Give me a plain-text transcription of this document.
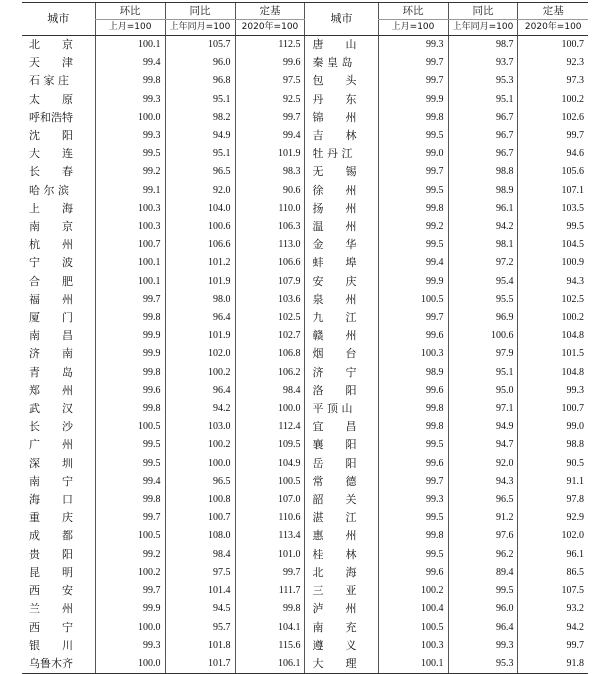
城市	环比	同比	定基	城市	环比	同比	定基
	上月=100	上年同月=100	2020年=100		上月=100	上年同月=100	2020年=100
北　　京	100.1	105.7	112.5	唐　　山	99.3	98.7	100.7
天　　津	99.4	96.0	99.6	秦 皇 岛	99.7	93.7	92.3
石 家 庄	99.8	96.8	97.5	包　　头	99.7	95.3	97.3
太　　原	99.3	95.1	92.5	丹　　东	99.9	95.1	100.2
呼和浩特	100.0	98.2	99.7	锦　　州	99.8	96.7	102.6
沈　　阳	99.3	94.9	99.4	吉　　林	99.5	96.7	99.7
大　　连	99.5	95.1	101.9	牡 丹 江	99.0	96.7	94.6
长　　春	99.2	96.5	98.3	无　　锡	99.7	98.8	105.6
哈 尔 滨	99.1	92.0	90.6	徐　　州	99.5	98.9	107.1
上　　海	100.3	104.0	110.0	扬　　州	99.8	96.1	103.5
南　　京	100.3	100.6	106.3	温　　州	99.2	94.2	99.5
杭　　州	100.7	106.6	113.0	金　　华	99.5	98.1	104.5
宁　　波	100.1	101.2	106.6	蚌　　埠	99.4	97.2	100.9
合　　肥	100.1	101.9	107.9	安　　庆	99.9	95.4	94.3
福　　州	99.7	98.0	103.6	泉　　州	100.5	95.5	102.5
厦　　门	99.8	96.4	102.5	九　　江	99.7	96.9	100.2
南　　昌	99.9	101.9	102.7	赣　　州	99.6	100.6	104.8
济　　南	99.9	102.0	106.8	烟　　台	100.3	97.9	101.5
青　　岛	99.8	100.2	106.2	济　　宁	98.9	95.1	104.8
郑　　州	99.6	96.4	98.4	洛　　阳	99.6	95.0	99.3
武　　汉	99.8	94.2	100.0	平 顶 山	99.8	97.1	100.7
长　　沙	100.5	103.0	112.4	宜　　昌	99.8	94.9	99.0
广　　州	99.5	100.2	109.5	襄　　阳	99.5	94.7	98.8
深　　圳	99.5	100.0	104.9	岳　　阳	99.6	92.0	90.5
南　　宁	99.4	96.5	100.5	常　　德	99.7	94.3	91.1
海　　口	99.8	100.8	107.0	韶　　关	99.3	96.5	97.8
重　　庆	99.7	100.7	110.6	湛　　江	99.5	91.2	92.9
成　　都	100.5	108.0	113.4	惠　　州	99.8	97.6	102.0
贵　　阳	99.2	98.4	101.0	桂　　林	99.5	96.2	96.1
昆　　明	100.2	97.5	99.7	北　　海	99.6	89.4	86.5
西　　安	99.7	101.4	111.7	三　　亚	100.2	99.5	107.5
兰　　州	99.9	94.5	99.8	泸　　州	100.4	96.0	93.2
西　　宁	100.0	95.7	104.1	南　　充	100.5	96.4	94.2
银　　川	99.3	101.8	115.6	遵　　义	100.3	99.3	99.7
乌鲁木齐	100.0	101.7	106.1	大　　理	100.1	95.3	91.8
